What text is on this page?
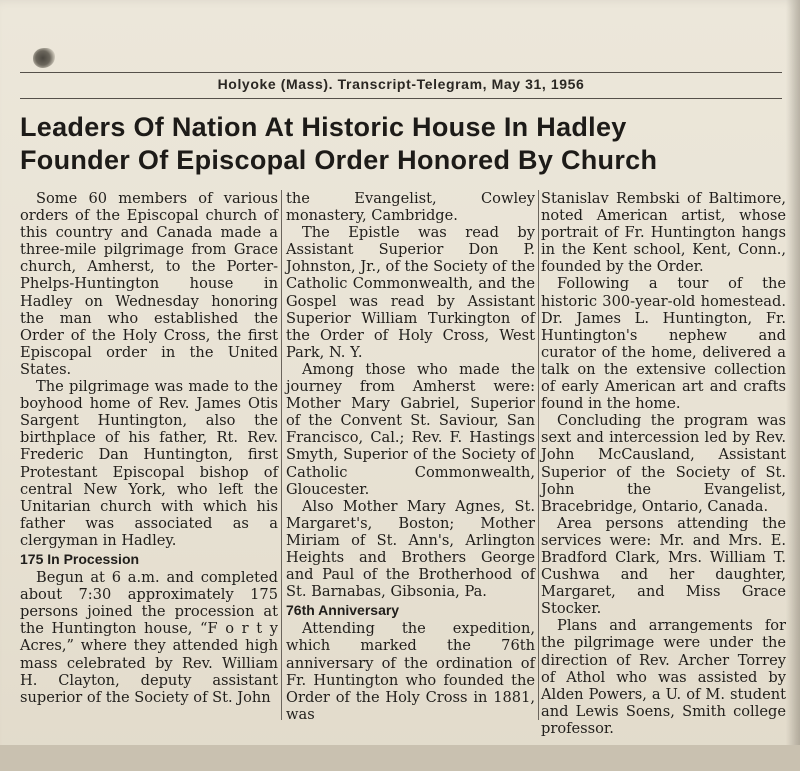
Holyoke (Mass). Transcript-Telegram, May 31, 1956
Leaders Of Nation At Historic House In Hadley
Founder Of Episcopal Order Honored By Church

Some 60 members of various orders of the Episcopal church of this country and Canada made a three-mile pilgrimage from Grace church, Amherst, to the Porter-Phelps-Huntington house in Hadley on Wednesday honoring the man who established the Order of the Holy Cross, the first Episcopal order in the United States.

The pilgrimage was made to the boyhood home of Rev. James Otis Sargent Huntington, also the birthplace of his father, Rt. Rev. Frederic Dan Huntington, first Protestant Episcopal bishop of central New York, who left the Unitarian church with which his father was associated as a clergyman in Hadley.

175 In Procession

Begun at 6 a.m. and completed about 7:30 approximately 175 persons joined the procession at the Huntington house, “F o r t y Acres,” where they attended high mass celebrated by Rev. William H. Clayton, deputy assistant superior of the Society of St. John

the Evangelist, Cowley monastery, Cambridge.

The Epistle was read by Assistant Superior Don P. Johnston, Jr., of the Society of the Catholic Commonwealth, and the Gospel was read by Assistant Superior William Turkington of the Order of Holy Cross, West Park, N. Y.

Among those who made the journey from Amherst were: Mother Mary Gabriel, Superior of the Convent St. Saviour, San Francisco, Cal.; Rev. F. Hastings Smyth, Superior of the Society of Catholic Commonwealth, Gloucester.

Also Mother Mary Agnes, St. Margaret's, Boston; Mother Miriam of St. Ann's, Arlington Heights and Brothers George and Paul of the Brotherhood of St. Barnabas, Gibsonia, Pa.

76th Anniversary

Attending the expedition, which marked the 76th anniversary of the ordination of Fr. Huntington who founded the Order of the Holy Cross in 1881, was

Stanislav Rembski of Baltimore, noted American artist, whose portrait of Fr. Huntington hangs in the Kent school, Kent, Conn., founded by the Order.

Following a tour of the historic 300-year-old homestead. Dr. James L. Huntington, Fr. Huntington's nephew and curator of the home, delivered a talk on the extensive collection of early American art and crafts found in the home.

Concluding the program was sext and intercession led by Rev. John McCausland, Assistant Superior of the Society of St. John the Evangelist, Bracebridge, Ontario, Canada.

Area persons attending the services were: Mr. and Mrs. E. Bradford Clark, Mrs. William T. Cushwa and her daughter, Margaret, and Miss Grace Stocker.

Plans and arrangements for the pilgrimage were under the direction of Rev. Archer Torrey of Athol who was assisted by Alden Powers, a U. of M. student and Lewis Soens, Smith college professor.
